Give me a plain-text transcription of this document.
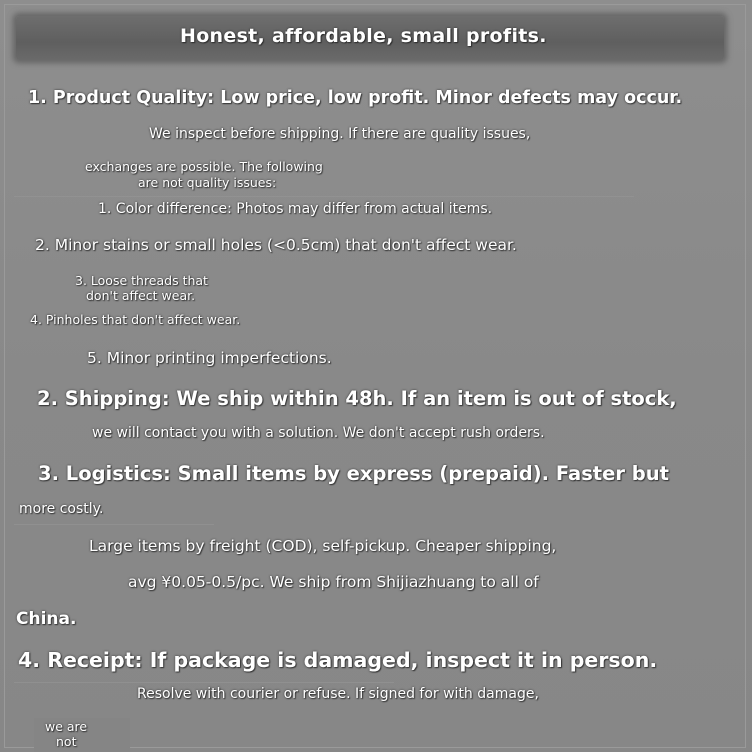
Honest, affordable, small profits.
1. Product Quality: Low price, low profit. Minor defects may occur.
We inspect before shipping. If there are quality issues,
exchanges are possible. The following
are not quality issues:
1. Color difference: Photos may differ from actual items.
2. Minor stains or small holes (<0.5cm) that don't affect wear.
3. Loose threads that
don't affect wear.
4. Pinholes that don't affect wear.
5. Minor printing imperfections.
2. Shipping: We ship within 48h. If an item is out of stock,
we will contact you with a solution. We don't accept rush orders.
3. Logistics: Small items by express (prepaid). Faster but
more costly.
Large items by freight (COD), self-pickup. Cheaper shipping,
avg ¥0.05-0.5/pc. We ship from Shijiazhuang to all of
China.
4. Receipt: If package is damaged, inspect it in person.
Resolve with courier or refuse. If signed for with damage,
we are
not
